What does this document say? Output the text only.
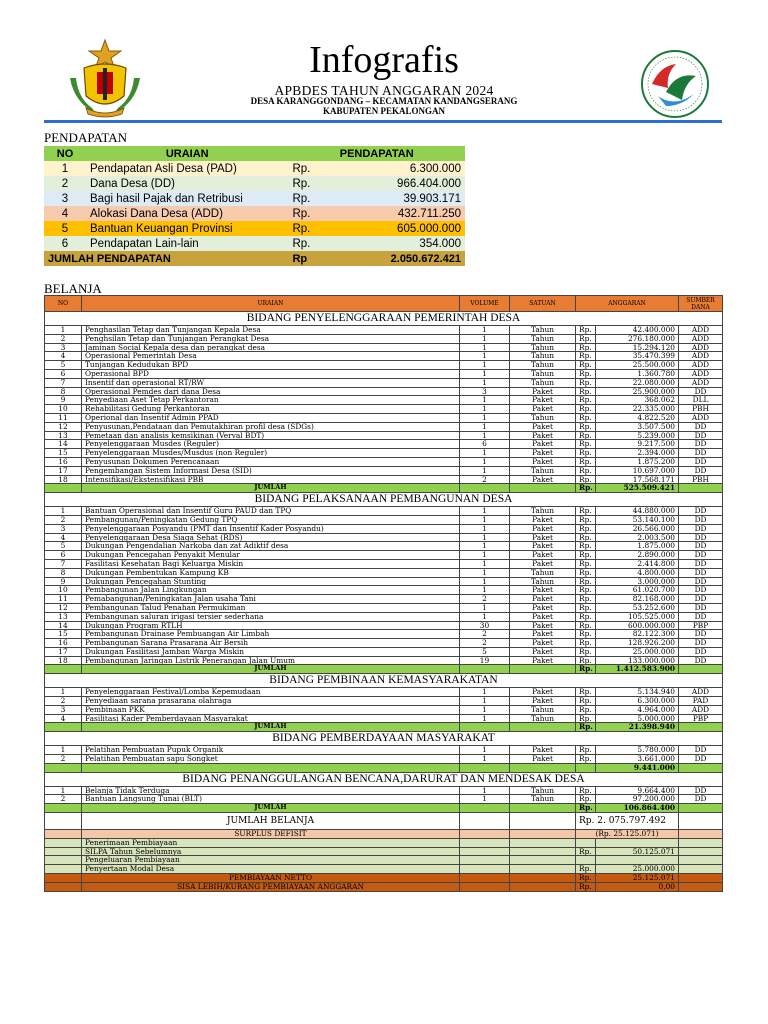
Infografis
APBDES TAHUN ANGGARAN 2024
DESA KARANGGONDANG – KECAMATAN KANDANGSERANG
KABUPATEN PEKALONGAN
PENDAPATAN
NO	URAIAN	PENDAPATAN	
1	Pendapatan Asli Desa (PAD)	Rp.	6.300.000
2	Dana Desa (DD)	Rp.	966.404.000
3	Bagi hasil Pajak dan Retribusi	Rp.	39.903.171
4	Alokasi Dana Desa (ADD)	Rp.	432.711.250
5	Bantuan Keuangan Provinsi	Rp.	605.000.000
6	Pendapatan Lain-lain	Rp.	354.000
JUMLAH PENDAPATAN		Rp	2.050.672.421
BELANJA
NO	URAIAN	VOLUME	SATUAN	ANGGARAN		SUMBER DANA
BIDANG PENYELENGGARAAN PEMERINTAH DESA						
1	Penghasilan Tetap dan Tunjangan Kepala Desa	1	Tahun	Rp.	42.400.000	ADD
2	Penghsilan Tetap dan Tunjangan Perangkat Desa	1	Tahun	Rp.	276.180.000	ADD
3	Jaminan Social Kepala desa dan perangkat desa	1	Tahun	Rp.	15.294.120	ADD
4	Operasional Pemerintah Desa	1	Tahun	Rp.	35.470.399	ADD
5	Tunjangan Kedudukan BPD	1	Tahun	Rp.	25.500.000	ADD
6	Operasional BPD	1	Tahun	Rp.	1.360.780	ADD
7	Insentif dan operasional RT/RW	1	Tahun	Rp.	22.080.000	ADD
8	Operasional Pemdes dari dana Desa	3	Paket	Rp.	25.900.000	DD
9	Penyediaan Aset Tetap Perkantoran	1	Paket	Rp.	368.062	DLL
10	Rehabilitasi Gedung Perkantoran	1	Paket	Rp.	22.335.000	PBH
11	Operional dan Insentif Admin PPAD	1	Tahun	Rp.	4.822.520	ADD
12	Penyusunan,Pendataan dan Pemutakhiran profil desa (SDGs)	1	Paket	Rp.	3.507.500	DD
13	Pemetaan dan analisis kemsikinan (Verval BDT)	1	Paket	Rp.	5.239.000	DD
14	Penyelenggaraan Musdes (Reguler)	6	Paket	Rp.	9.217.500	DD
15	Penyelenggaraan Musdes/Musdus (non Reguler)	1	Paket	Rp.	2.394.000	DD
16	Penyusunan Dokumen Perencanaan	1	Paket	Rp.	1.875.200	DD
17	Pengembangan Sistem Informasi Desa (SID)	1	Tahun	Rp.	10.697.000	DD
18	Intensifikasi/Ekstensifikasi PBB	2	Paket	Rp.	17.568.171	PBH
	JUMLAH			Rp.	525.509.421	
BIDANG PELAKSANAAN PEMBANGUNAN DESA						
1	Bantuan Operasional dan Insentif Guru PAUD dan TPQ	1	Tahun	Rp.	44.880.000	DD
2	Pembangunan/Peningkatan Gedung TPQ	1	Paket	Rp.	53.140.100	DD
3	Penyelenggaraan Posyandu (PMT dan Insentif Kader Posyandu)	1	Paket	Rp.	26.566.000	DD
4	Penyelenggaraan Desa Siaga Sehat (RDS)	1	Paket	Rp.	2.003.500	DD
5	Dukungan Pengendalian Narkoba dan zat Adiktif desa	1	Paket	Rp.	1.875.000	DD
6	Dukungan Pencegahan Penyakit Menular	1	Paket	Rp.	2.890.000	DD
7	Fasilitasi Kesehatan Bagi Keluarga Miskin	1	Paket	Rp.	2.414.800	DD
8	Dukungan Pembentukan Kampung KB	1	Tahun	Rp.	4.800.000	DD
9	Dukungan Pencegahan Stunting	1	Tahun	Rp.	3.000.000	DD
10	Pembangunan Jalan Lingkungan	1	Paket	Rp.	61.020.700	DD
11	Pemabangunan/Peningkatan Jalan usaha Tani	2	Paket	Rp.	82.168.000	DD
12	Pembangunan Talud Penahan Permukiman	1	Paket	Rp.	53.252.600	DD
13	Pembangunan saluran irigasi tersier sederhana	1	Paket	Rp.	105.525.000	DD
14	Dukungan Program RTLH	30	Paket	Rp.	600.000.000	PBP
15	Pembangunan Drainase Pembuangan Air Limbah	2	Paket	Rp.	82.122.300	DD
16	Pembangunan Sarana Prasarana Air Bersih	2	Paket	Rp.	128.926.200	DD
17	Dukungan Fasilitasi Jamban Warga Miskin	5	Paket	Rp.	25.000.000	DD
18	Pembangunan Jaringan Listrik Penerangan Jalan Umum	19	Paket	Rp.	133.000.000	DD
	JUMLAH			Rp.	1.412.583.900	
BIDANG PEMBINAAN KEMASYARAKATAN						
1	Penyelenggaraan Festival/Lomba Kepemudaan	1	Paket	Rp.	5.134.940	ADD
2	Penyediaan sarana prasarana olahraga	1	Paket	Rp.	6.300.000	PAD
3	Pembinaan PKK	1	Tahun	Rp.	4.964.000	ADD
4	Fasilitasi Kader Pemberdayaan Masyarakat	1	Tahun	Rp.	5.000.000	PBP
	JUMLAH			Rp.	21.398.940	
BIDANG PEMBERDAYAAN MASYARAKAT						
1	Pelatihan Pembuatan Pupuk Organik	1	Paket	Rp.	5.780.000	DD
2	Pelatihan Pembuatan sapu Songket	1	Paket	Rp.	3.661.000	DD
					9.441.000	
BIDANG PENANGGULANGAN BENCANA,DARURAT DAN MENDESAK DESA						
1	Belanja Tidak Terduga	1	Tahun	Rp.	9.664.400	DD
2	Bantuan Langsung Tunai (BLT)	1	Tahun	Rp.	97.200.000	DD
	JUMLAH			Rp.	106.864.400	
	JUMLAH BELANJA			Rp. 2. 075.797.492		
	SURPLUS DEFISIT			(Rp. 25.125.071)		
	Penerimaan Pembiayaan					
	SILPA Tahun Sebelumnya			Rp.	50.125.071	
	Pengeluaran Pembiayaan					
	Penyertaan Modal Desa			Rp.	25.000.000	
	PEMBIAYAAN NETTO			Rp.	25.125.071	
	SISA LEBIH/KURANG PEMBIAYAAN ANGGARAN			Rp.	0,00	
